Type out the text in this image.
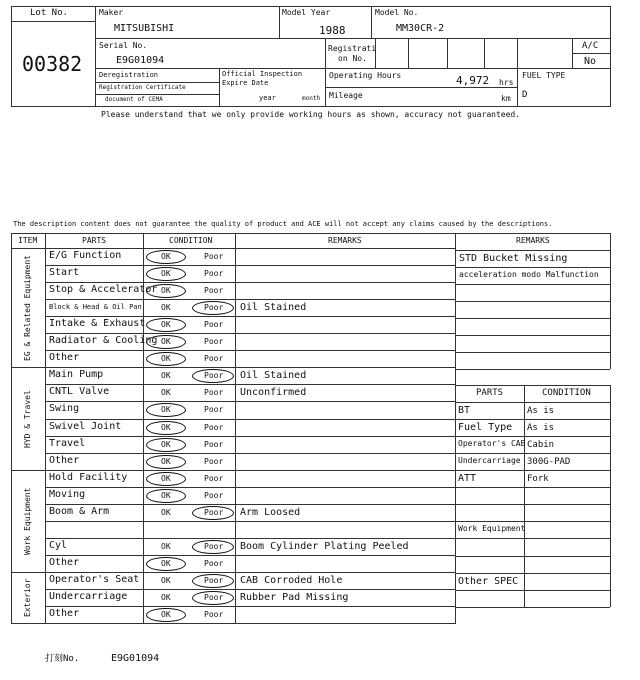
Lot No.
00382
Maker
MITSUBISHI
Model Year
1988
Model No.
MM30CR-2
Serial No.
E9G01094
Registrati
on No.
A/C
No
Deregistration
Registration Certificate
document of CEMA
Official Inspection
Expire Date
year	month
Operating Hours	4,972 hrs
Mileage	km
FUEL TYPE
D
Please understand that we only provide working hours as shown, accuracy not guaranteed.
The description content does not guarantee the quality of product and ACE will not accept any claims caused by the descriptions.
ITEM	PARTS	CONDITION	REMARKS	REMARKS
EG & Related Equipment
HYD & Travel
Work Equipment
Exterior
E/G Function	OK	Poor
Start	OK	Poor
Stop & Accelerator OK	Poor
Block & Head & Oil Pan OK	Poor Oil Stained
Intake & Exhaust OK	Poor
Radiator & Cooling OK	Poor
Other	OK	Poor
Main Pump	OK	Poor Oil Stained
CNTL Valve	OK	Poor Unconfirmed
Swing	OK	Poor
Swivel Joint	OK	Poor
Travel	OK	Poor
Other	OK	Poor
Hold Facility	OK	Poor
Moving	OK	Poor
Boom & Arm	OK	Poor Arm Loosed
Cyl	OK	Poor Boom Cylinder Plating Peeled
Other	OK	Poor
Operator's Seat	OK	Poor CAB Corroded Hole
Undercarriage	OK	Poor Rubber Pad Missing
Other	OK	Poor
STD Bucket Missing
acceleration modo Malfunction
PARTS	CONDITION
BT	As is
Fuel Type As is
Operator's CAB Cabin
Undercarriage 300G-PAD
ATT	Fork
Work Equipment
Other SPEC
打刻No.	E9G01094
